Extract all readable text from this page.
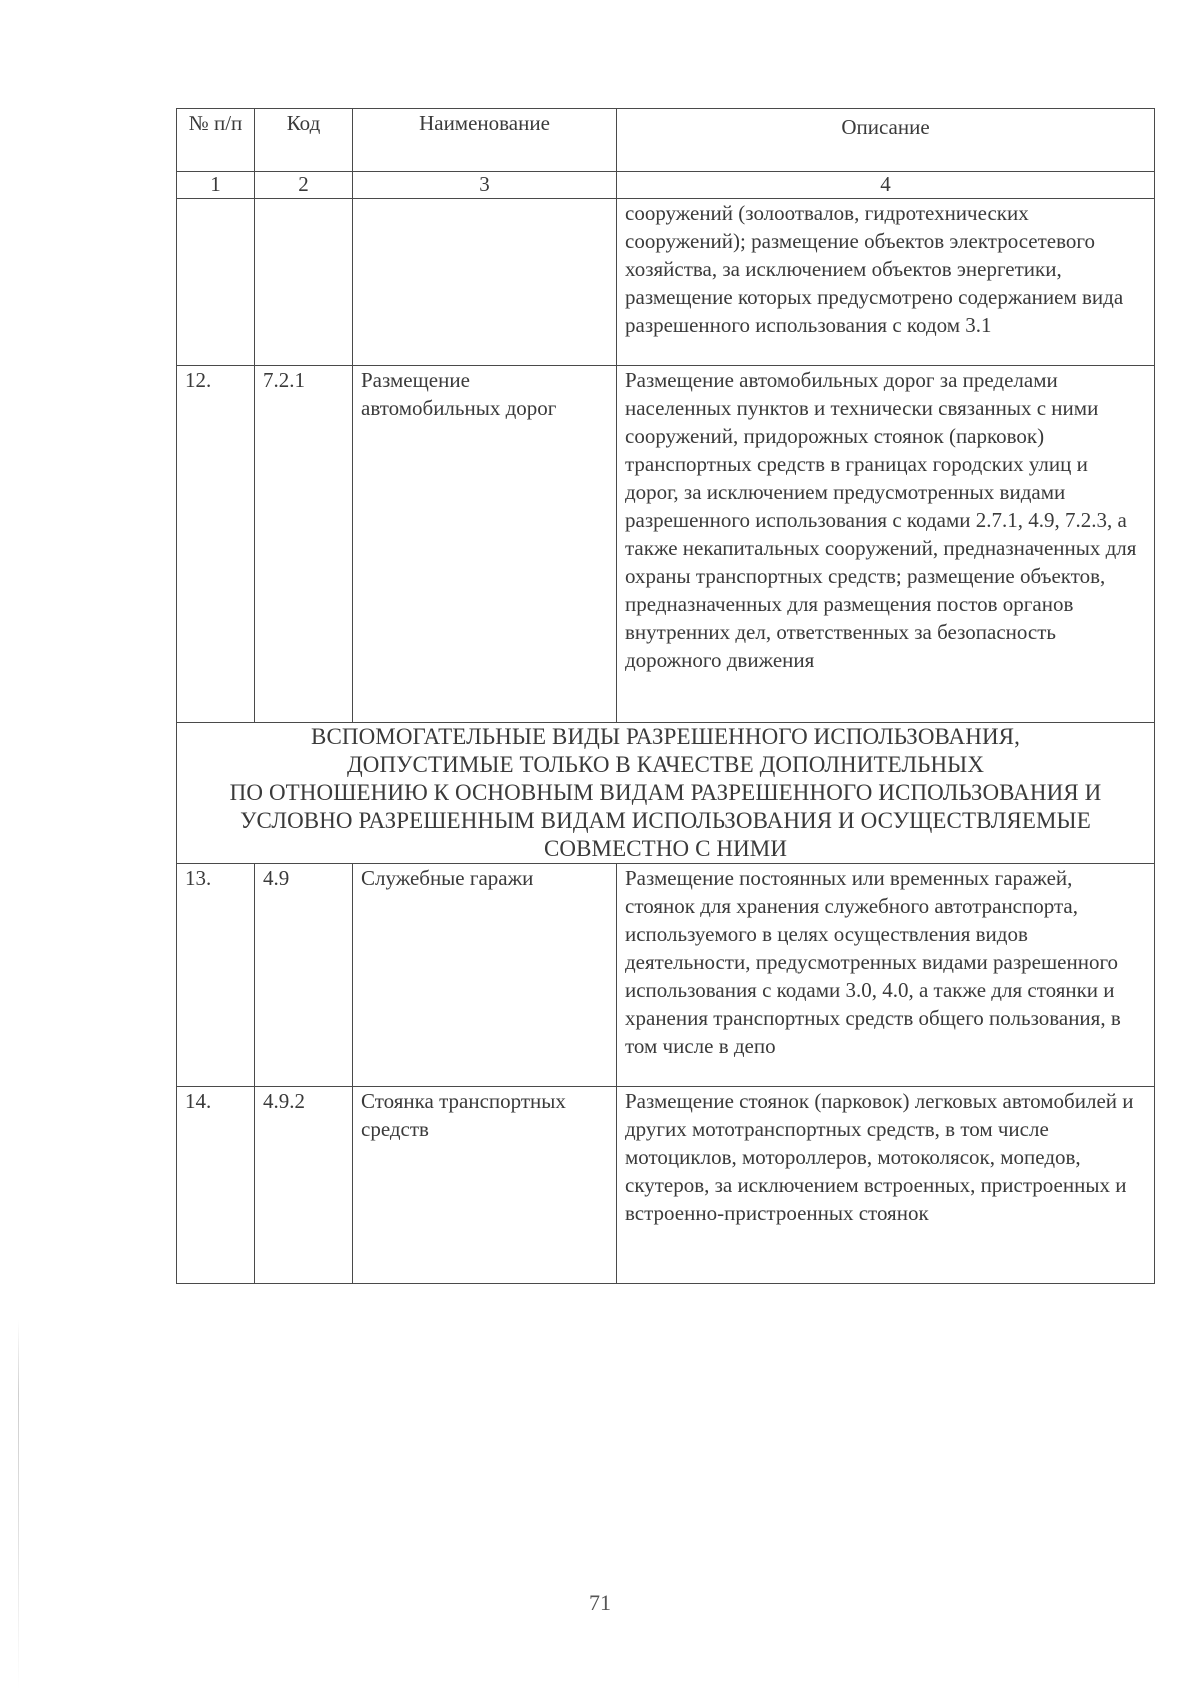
№ п/п	Код	Наименование	Описание
1	2	3	4
			сооружений (золоотвалов, гидротехнических сооружений); размещение объектов электросетевого хозяйства, за исключением объектов энергетики, размещение которых предусмотрено содержанием вида разрешенного использования с кодом 3.1
12.	7.2.1	Размещение автомобильных дорог	Размещение автомобильных дорог за пределами населенных пунктов и технически связанных с ними сооружений, придорожных стоянок (парковок) транспортных средств в границах городских улиц и дорог, за исключением предусмотренных видами разрешенного использования с кодами 2.7.1, 4.9, 7.2.3, а также некапитальных сооружений, предназначенных для охраны транспортных средств; размещение объектов, предназначенных для размещения постов органов внутренних дел, ответственных за безопасность дорожного движения

ВСПОМОГАТЕЛЬНЫЕ ВИДЫ РАЗРЕШЕННОГО ИСПОЛЬЗОВАНИЯ,
ДОПУСТИМЫЕ ТОЛЬКО В КАЧЕСТВЕ ДОПОЛНИТЕЛЬНЫХ
ПО ОТНОШЕНИЮ К ОСНОВНЫМ ВИДАМ РАЗРЕШЕННОГО ИСПОЛЬЗОВАНИЯ И
УСЛОВНО РАЗРЕШЕННЫМ ВИДАМ ИСПОЛЬЗОВАНИЯ И ОСУЩЕСТВЛЯЕМЫЕ
СОВМЕСТНО С НИМИ			

13.	4.9	Служебные гаражи	Размещение постоянных или временных гаражей, стоянок для хранения служебного автотранспорта, используемого в целях осуществления видов деятельности, предусмотренных видами разрешенного использования с кодами 3.0, 4.0, а также для стоянки и хранения транспортных средств общего пользования, в том числе в депо
14.	4.9.2	Стоянка транспортных средств	Размещение стоянок (парковок) легковых автомобилей и других мототранспортных средств, в том числе мотоциклов, мотороллеров, мотоколясок, мопедов, скутеров, за исключением встроенных, пристроенных и встроенно-пристроенных стоянок
71
